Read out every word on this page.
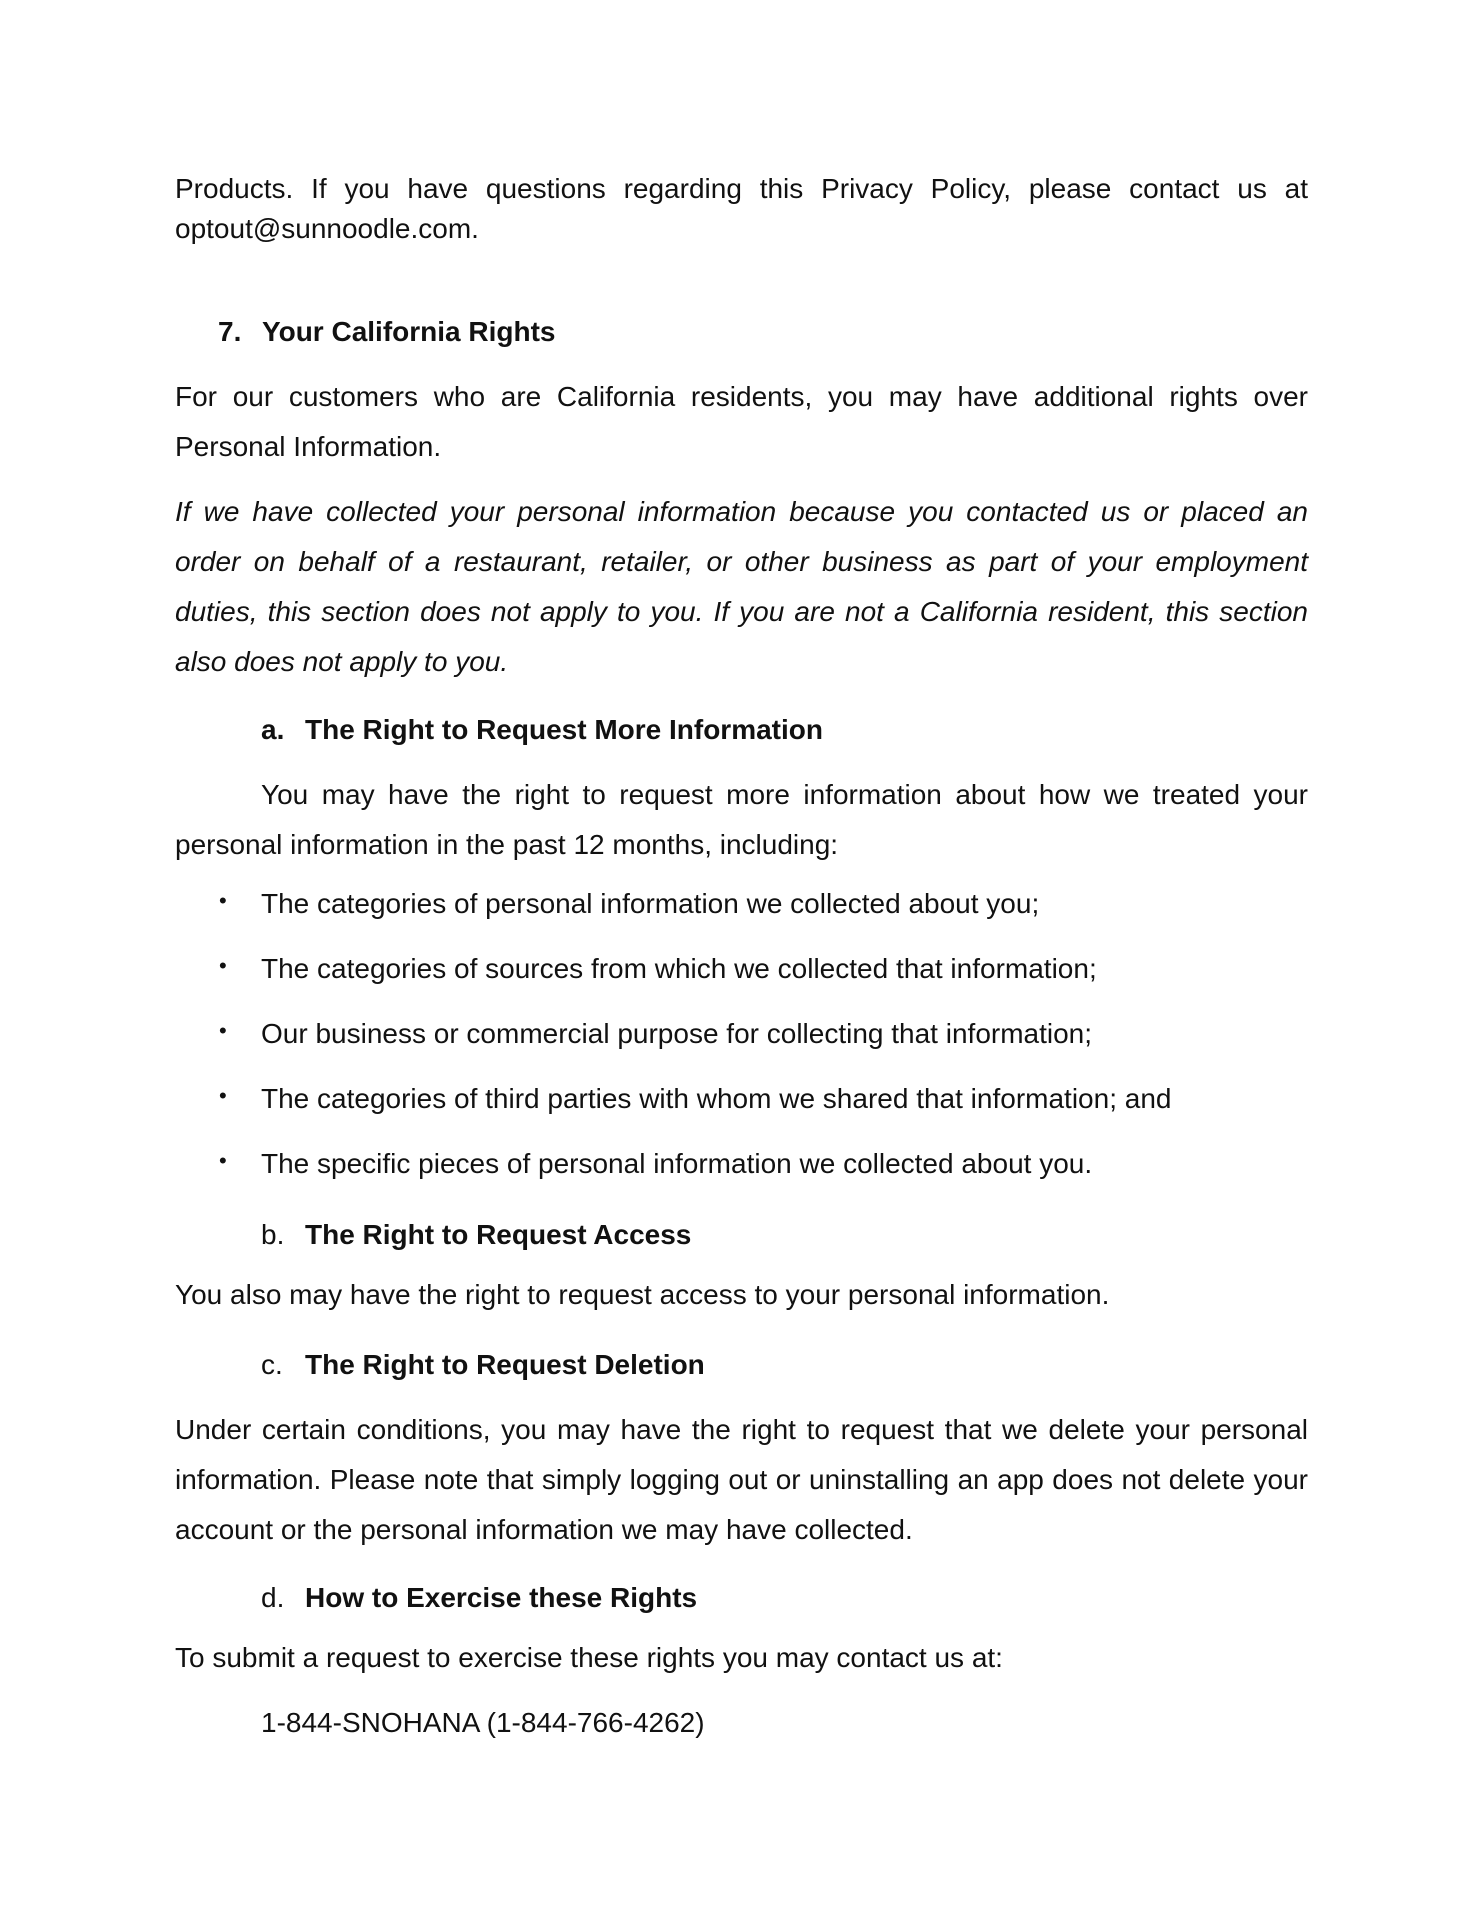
Products. If you have questions regarding this Privacy Policy, please contact us at optout@sunnoodle.com.

7. Your California Rights

For our customers who are California residents, you may have additional rights over Personal Information.

If we have collected your personal information because you contacted us or placed an order on behalf of a restaurant, retailer, or other business as part of your employment duties, this section does not apply to you. If you are not a California resident, this section also does not apply to you.

a. The Right to Request More Information

You may have the right to request more information about how we treated your personal information in the past 12 months, including:

• The categories of personal information we collected about you;
• The categories of sources from which we collected that information;
• Our business or commercial purpose for collecting that information;
• The categories of third parties with whom we shared that information; and
• The specific pieces of personal information we collected about you.

b. The Right to Request Access

You also may have the right to request access to your personal information.

c. The Right to Request Deletion

Under certain conditions, you may have the right to request that we delete your personal information. Please note that simply logging out or uninstalling an app does not delete your account or the personal information we may have collected.

d. How to Exercise these Rights

To submit a request to exercise these rights you may contact us at:

1-844-SNOHANA (1-844-766-4262)
